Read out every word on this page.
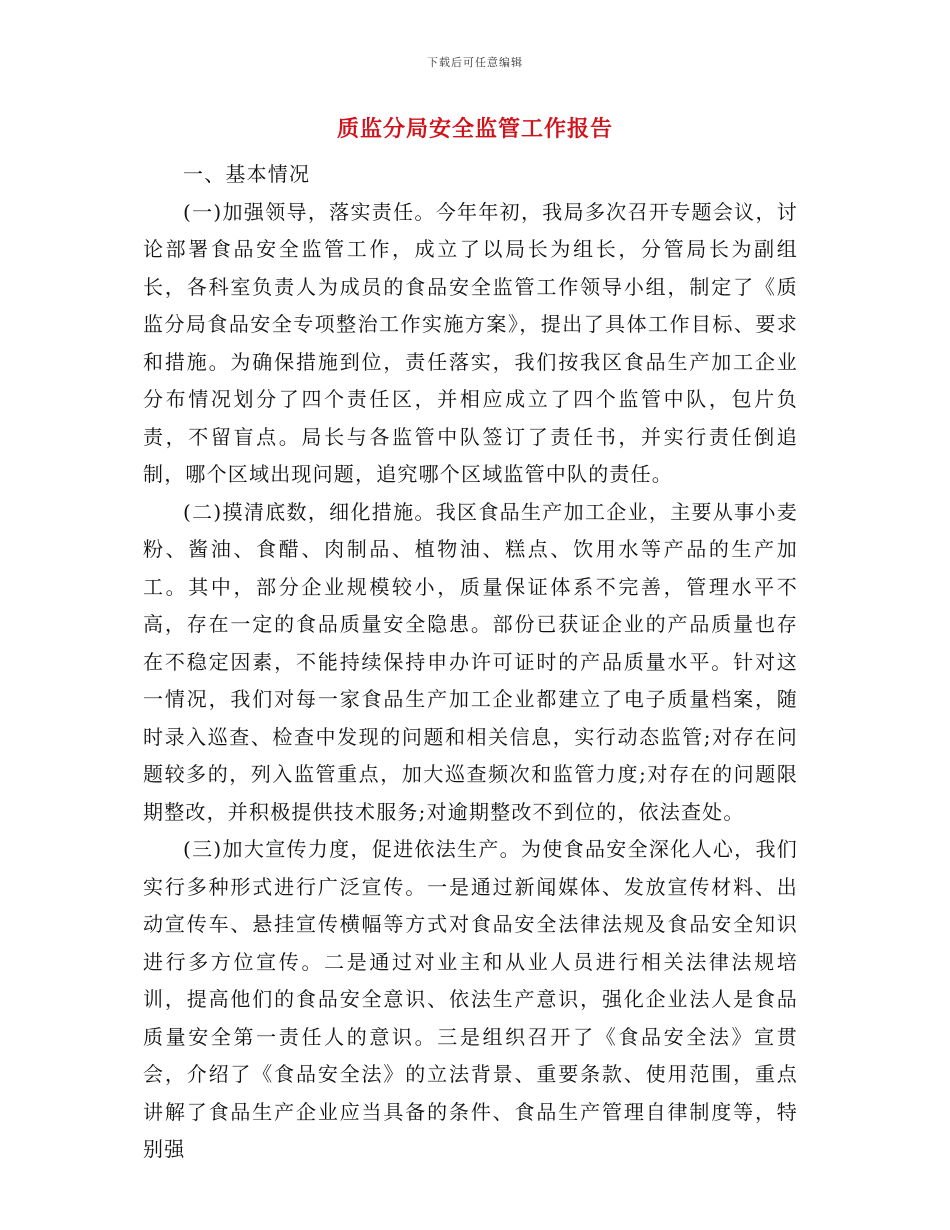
下载后可任意编辑
质监分局安全监管工作报告

一、基本情况

(一)加强领导，落实责任。今年年初，我局多次召开专题会议，讨论部署食品安全监管工作，成立了以局长为组长，分管局长为副组长，各科室负责人为成员的食品安全监管工作领导小组，制定了《质监分局食品安全专项整治工作实施方案》，提出了具体工作目标、要求和措施。为确保措施到位，责任落实，我们按我区食品生产加工企业分布情况划分了四个责任区，并相应成立了四个监管中队，包片负责，不留盲点。局长与各监管中队签订了责任书，并实行责任倒追制，哪个区域出现问题，追究哪个区域监管中队的责任。

(二)摸清底数，细化措施。我区食品生产加工企业，主要从事小麦粉、酱油、食醋、肉制品、植物油、糕点、饮用水等产品的生产加工。其中，部分企业规模较小，质量保证体系不完善，管理水平不高，存在一定的食品质量安全隐患。部份已获证企业的产品质量也存在不稳定因素，不能持续保持申办许可证时的产品质量水平。针对这一情况，我们对每一家食品生产加工企业都建立了电子质量档案，随时录入巡查、检查中发现的问题和相关信息，实行动态监管;对存在问题较多的，列入监管重点，加大巡查频次和监管力度;对存在的问题限期整改，并积极提供技术服务;对逾期整改不到位的，依法查处。

(三)加大宣传力度，促进依法生产。为使食品安全深化人心，我们实行多种形式进行广泛宣传。一是通过新闻媒体、发放宣传材料、出动宣传车、悬挂宣传横幅等方式对食品安全法律法规及食品安全知识进行多方位宣传。二是通过对业主和从业人员进行相关法律法规培训，提高他们的食品安全意识、依法生产意识，强化企业法人是食品质量安全第一责任人的意识。三是组织召开了《食品安全法》宣贯会，介绍了《食品安全法》的立法背景、重要条款、使用范围，重点讲解了食品生产企业应当具备的条件、食品生产管理自律制度等，特别强
